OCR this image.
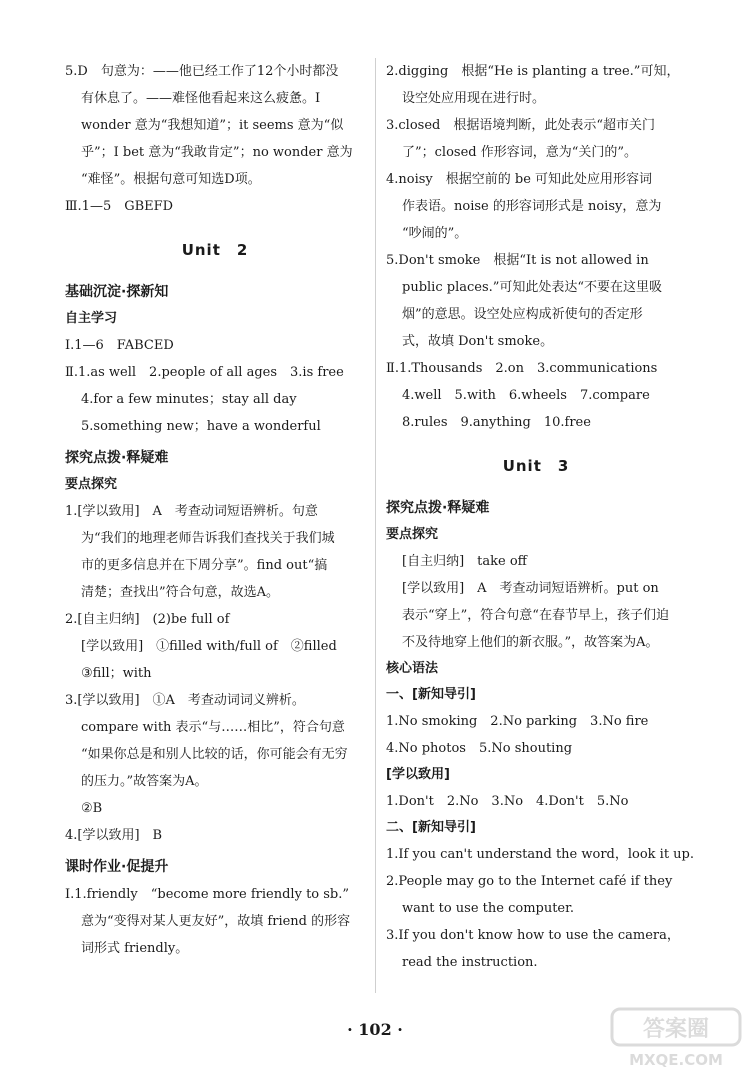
5.D　句意为：——他已经工作了12个小时都没
有休息了。——难怪他看起来这么疲惫。I
wonder 意为“我想知道”；it seems 意为“似
乎”；I bet 意为“我敢肯定”；no wonder 意为
“难怪”。根据句意可知选D项。
Ⅲ.1—5　GBEFD
Unit　2
基础沉淀·探新知
自主学习
Ⅰ.1—6　FABCED
Ⅱ.1.as well　2.people of all ages　3.is free
4.for a few minutes；stay all day
5.something new；have a wonderful
探究点拨·释疑难
要点探究
1.[学以致用]　A　考查动词短语辨析。句意
为“我们的地理老师告诉我们查找关于我们城
市的更多信息并在下周分享”。find out“搞
清楚；查找出”符合句意，故选A。
2.[自主归纳]　(2)be full of
[学以致用]　①filled with/full of　②filled
③fill；with
3.[学以致用]　①A　考查动词词义辨析。
compare with 表示“与……相比”，符合句意
“如果你总是和别人比较的话，你可能会有无穷
的压力。”故答案为A。
②B
4.[学以致用]　B
课时作业·促提升
Ⅰ.1.friendly　“become more friendly to sb.”
意为“变得对某人更友好”，故填 friend 的形容
词形式 friendly。
2.digging　根据“He is planting a tree.”可知，
设空处应用现在进行时。
3.closed　根据语境判断，此处表示“超市关门
了”；closed 作形容词，意为“关门的”。
4.noisy　根据空前的 be 可知此处应用形容词
作表语。noise 的形容词形式是 noisy，意为
“吵闹的”。
5.Don't smoke　根据“It is not allowed in
public places.”可知此处表达“不要在这里吸
烟”的意思。设空处应构成祈使句的否定形
式，故填 Don't smoke。
Ⅱ.1.Thousands　2.on　3.communications
4.well　5.with　6.wheels　7.compare
8.rules　9.anything　10.free
Unit　3
探究点拨·释疑难
要点探究
[自主归纳]　take off
[学以致用]　A　考查动词短语辨析。put on
表示“穿上”，符合句意“在春节早上，孩子们迫
不及待地穿上他们的新衣服。”，故答案为A。
核心语法
一、[新知导引]
1.No smoking　2.No parking　3.No fire
4.No photos　5.No shouting
[学以致用]
1.Don't　2.No　3.No　4.Don't　5.No
二、[新知导引]
1.If you can't understand the word，look it up.
2.People may go to the Internet café if they
want to use the computer.
3.If you don't know how to use the camera，
read the instruction.
· 102 ·	答案圈
MXQE.COM
